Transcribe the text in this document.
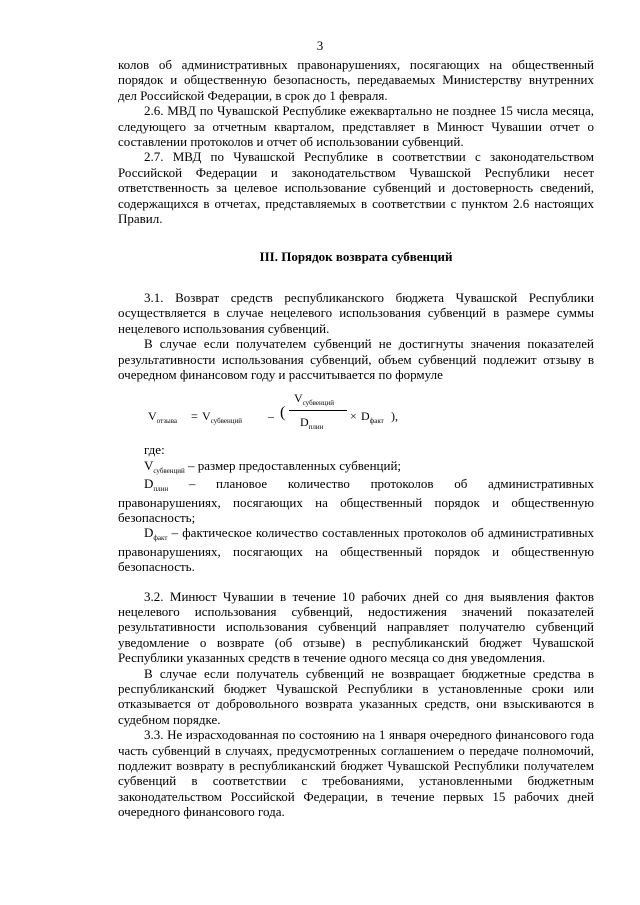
3

колов об административных правонарушениях, посягающих на общественный порядок и общественную безопасность, передаваемых Министерству внутренних дел Российской Федерации, в срок до 1 февраля.

2.6. МВД по Чувашской Республике ежеквартально не позднее 15 числа месяца, следующего за отчетным кварталом, представляет в Минюст Чувашии отчет о составлении протоколов и отчет об использовании субвенций.

2.7. МВД по Чувашской Республике в соответствии с законодательством Российской Федерации и законодательством Чувашской Республики несет ответственность за целевое использование субвенций и достоверность сведений, содержащихся в отчетах, представляемых в соответствии с пунктом 2.6 настоящих Правил.

III. Порядок возврата субвенций

3.1. Возврат средств республиканского бюджета Чувашской Республики осуществляется в случае нецелевого использования субвенций в размере суммы нецелевого использования субвенций.

В случае если получателем субвенций не достигнуты значения показателей результативности использования субвенций, объем субвенций подлежит отзыву в очередном финансовом году и рассчитывается по формуле

$V_{отзыва} = V_{субвенций}$ – (
$V_{субвенций}$
$D_{плин}$
× $D_{факт}$ ),

где:

$V_{субвенций}$ – размер предоставленных субвенций;

$D_{плин}$ – плановое количество протоколов об административных правонарушениях, посягающих на общественный порядок и общественную безопасность;

$D_{факт}$ – фактическое количество составленных протоколов об административных правонарушениях, посягающих на общественный порядок и общественную безопасность.

3.2. Минюст Чувашии в течение 10 рабочих дней со дня выявления фактов нецелевого использования субвенций, недостижения значений показателей результативности использования субвенций направляет получателю субвенций уведомление о возврате (об отзыве) в республиканский бюджет Чувашской Республики указанных средств в течение одного месяца со дня уведомления.

В случае если получатель субвенций не возвращает бюджетные средства в республиканский бюджет Чувашской Республики в установленные сроки или отказывается от добровольного возврата указанных средств, они взыскиваются в судебном порядке.

3.3. Не израсходованная по состоянию на 1 января очередного финансового года часть субвенций в случаях, предусмотренных соглашением о передаче полномочий, подлежит возврату в республиканский бюджет Чувашской Республики получателем субвенций в соответствии с требованиями, установленными бюджетным законодательством Российской Федерации, в течение первых 15 рабочих дней очередного финансового года.
